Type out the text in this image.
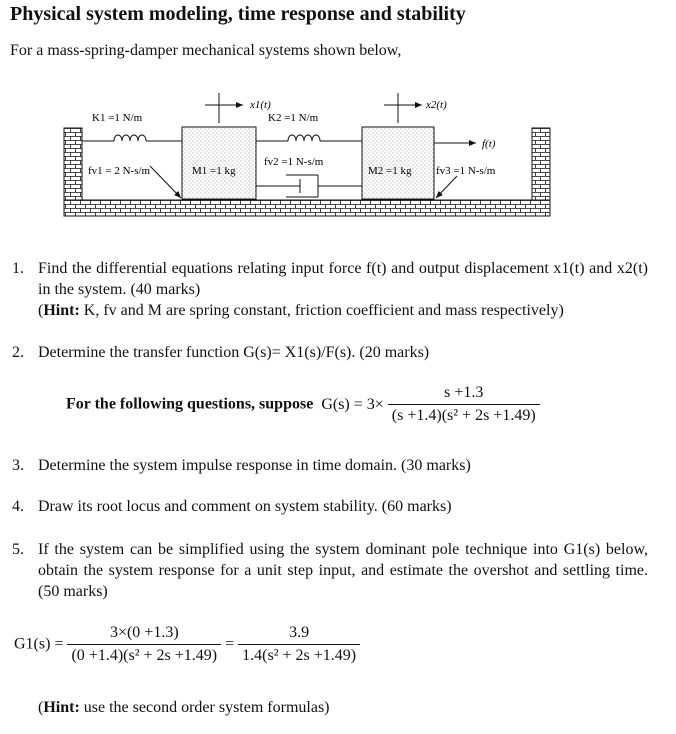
Physical system modeling, time response and stability
For a mass-spring-damper mechanical systems shown below,
K1 =1 N/m	K2 =1 N/m
x1(t)	x2(t)
f(t)
fv1 = 2 N-s/m	M1 =1 kg
fv2 =1 N-s/m
M2 =1 kg fv3 =1 N-s/m
1. Find the differential equations relating input force f(t) and output displacement x1(t) and x2(t) in the system. (40 marks)
(Hint: K, fv and M are spring constant, friction coefficient and mass respectively)
2. Determine the transfer function G(s)= X1(s)/F(s). (20 marks)
For the following questions, suppose $G(s) = 3\times \frac{s +1.3}{\text{(s +1.4)(s² + 2s +1.49)}}$
3. Determine the system impulse response in time domain. (30 marks)
4. Draw its root locus and comment on system stability. (60 marks)
5. If the system can be simplified using the system dominant pole technique into G1(s) below, obtain the system response for a unit step input, and estimate the overshot and settling time. (50 marks)
$G1(s) = \frac{3\times(0 +1.3)}{\text{(0 +1.4)(s² + 2s +1.49)}} = \frac{3.9}{\text{1.4(s² + 2s +1.49)}}$
(Hint: use the second order system formulas)
